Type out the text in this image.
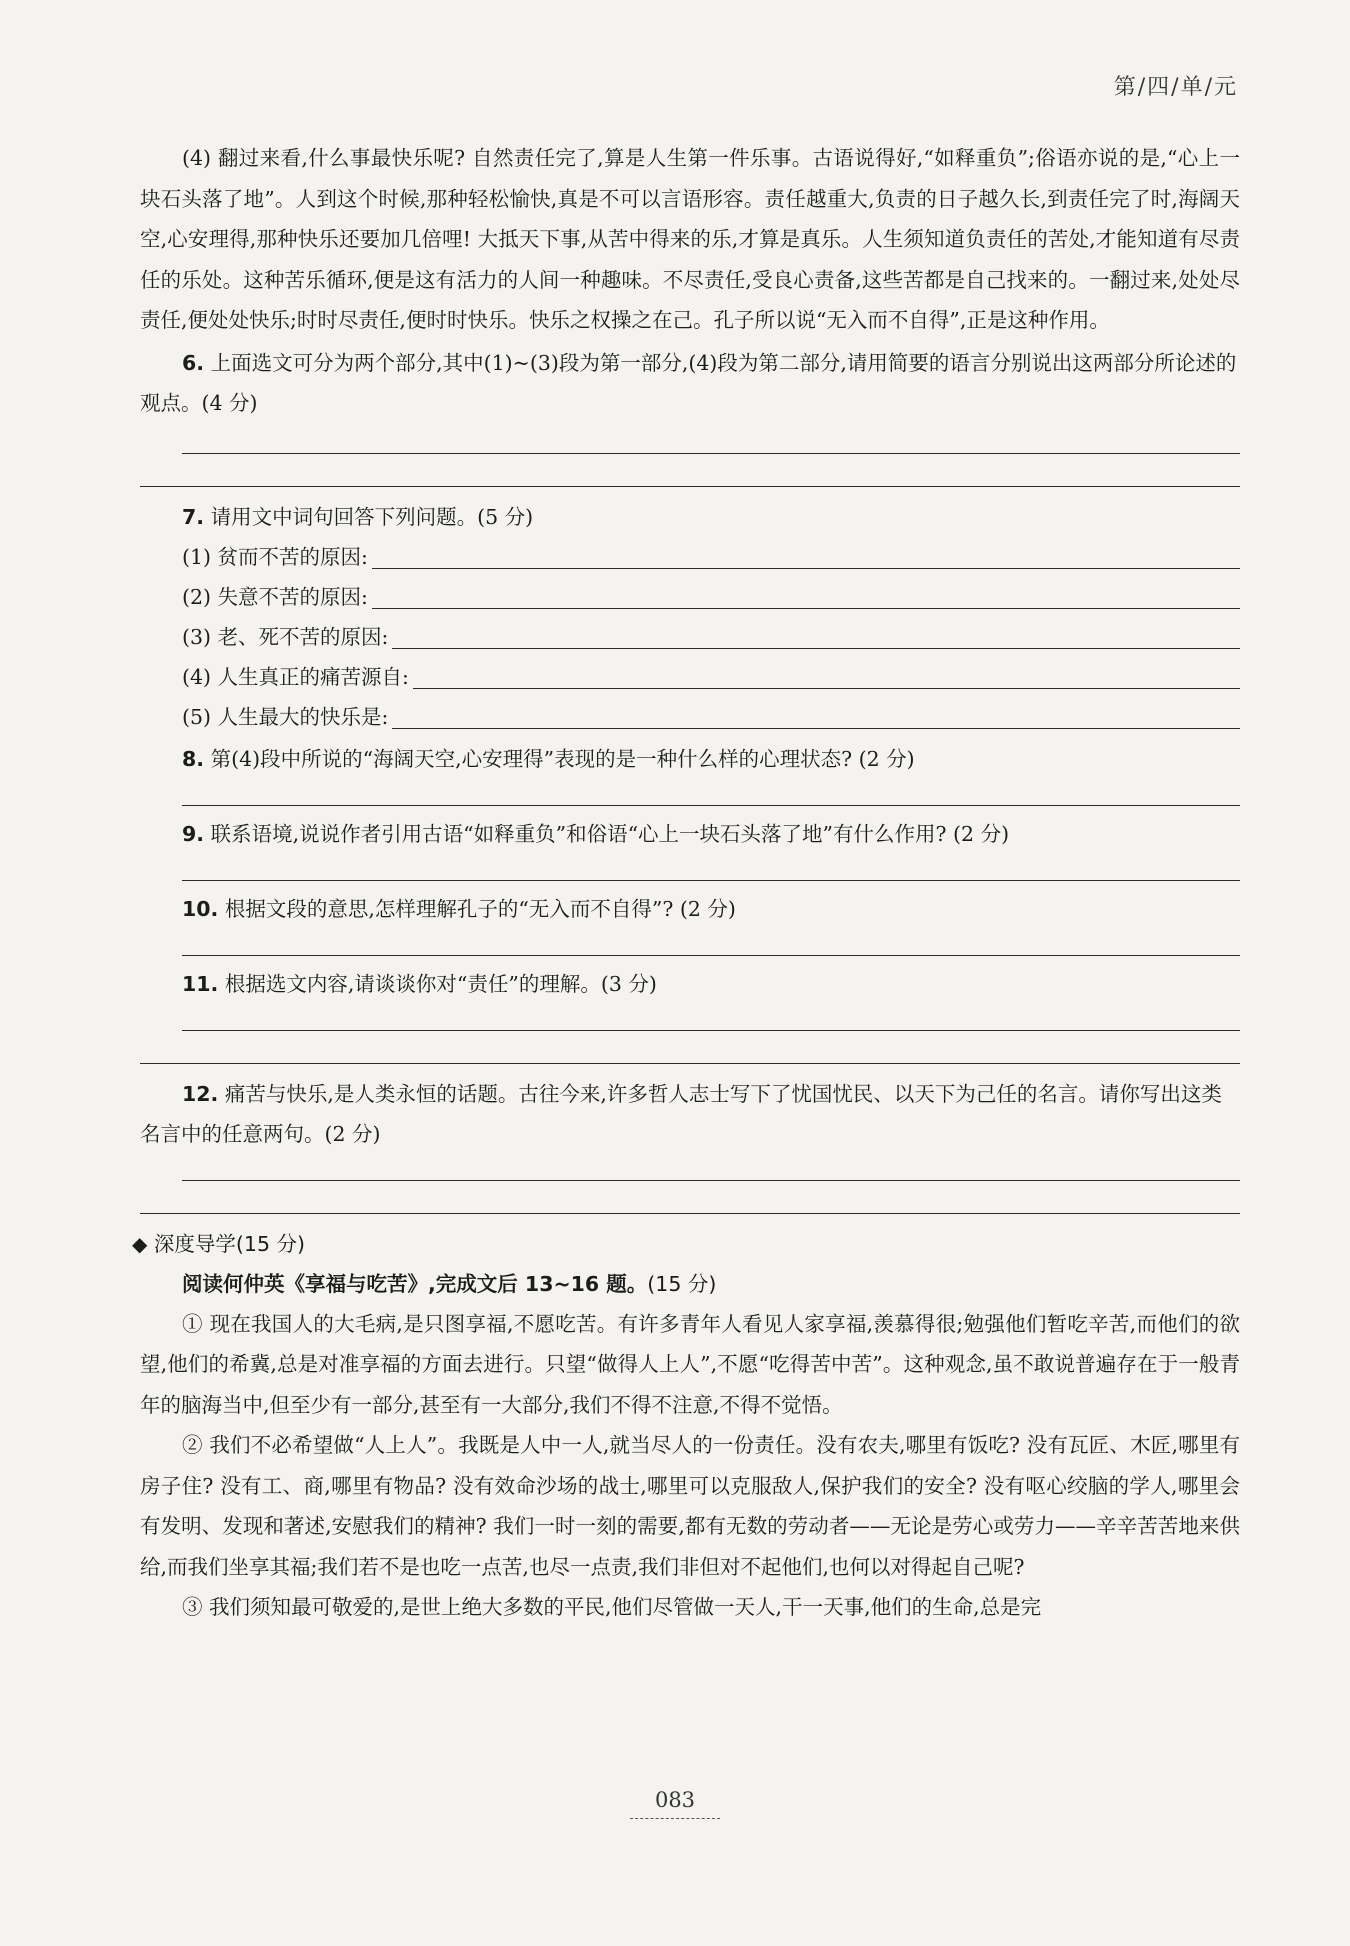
第/四/单/元

(4) 翻过来看,什么事最快乐呢? 自然责任完了,算是人生第一件乐事。古语说得好,“如释重负”;俗语亦说的是,“心上一块石头落了地”。人到这个时候,那种轻松愉快,真是不可以言语形容。责任越重大,负责的日子越久长,到责任完了时,海阔天空,心安理得,那种快乐还要加几倍哩! 大抵天下事,从苦中得来的乐,才算是真乐。人生须知道负责任的苦处,才能知道有尽责任的乐处。这种苦乐循环,便是这有活力的人间一种趣味。不尽责任,受良心责备,这些苦都是自己找来的。一翻过来,处处尽责任,便处处快乐;时时尽责任,便时时快乐。快乐之权操之在己。孔子所以说“无入而不自得”,正是这种作用。

6. 上面选文可分为两个部分,其中(1)~(3)段为第一部分,(4)段为第二部分,请用简要的语言分别说出这两部分所论述的观点。(4 分)

7. 请用文中词句回答下列问题。(5 分)

(1) 贫而不苦的原因:
(2) 失意不苦的原因:
(3) 老、死不苦的原因:
(4) 人生真正的痛苦源自:
(5) 人生最大的快乐是:

8. 第(4)段中所说的“海阔天空,心安理得”表现的是一种什么样的心理状态? (2 分)

9. 联系语境,说说作者引用古语“如释重负”和俗语“心上一块石头落了地”有什么作用? (2 分)

10. 根据文段的意思,怎样理解孔子的“无入而不自得”? (2 分)

11. 根据选文内容,请谈谈你对“责任”的理解。(3 分)

12. 痛苦与快乐,是人类永恒的话题。古往今来,许多哲人志士写下了忧国忧民、以天下为己任的名言。请你写出这类名言中的任意两句。(2 分)

◆ 深度导学(15 分)

阅读何仲英《享福与吃苦》,完成文后 13~16 题。(15 分)

① 现在我国人的大毛病,是只图享福,不愿吃苦。有许多青年人看见人家享福,羡慕得很;勉强他们暂吃辛苦,而他们的欲望,他们的希冀,总是对准享福的方面去进行。只望“做得人上人”,不愿“吃得苦中苦”。这种观念,虽不敢说普遍存在于一般青年的脑海当中,但至少有一部分,甚至有一大部分,我们不得不注意,不得不觉悟。

② 我们不必希望做“人上人”。我既是人中一人,就当尽人的一份责任。没有农夫,哪里有饭吃? 没有瓦匠、木匠,哪里有房子住? 没有工、商,哪里有物品? 没有效命沙场的战士,哪里可以克服敌人,保护我们的安全? 没有呕心绞脑的学人,哪里会有发明、发现和著述,安慰我们的精神? 我们一时一刻的需要,都有无数的劳动者——无论是劳心或劳力——辛辛苦苦地来供给,而我们坐享其福;我们若不是也吃一点苦,也尽一点责,我们非但对不起他们,也何以对得起自己呢?

③ 我们须知最可敬爱的,是世上绝大多数的平民,他们尽管做一天人,干一天事,他们的生命,总是完

083
